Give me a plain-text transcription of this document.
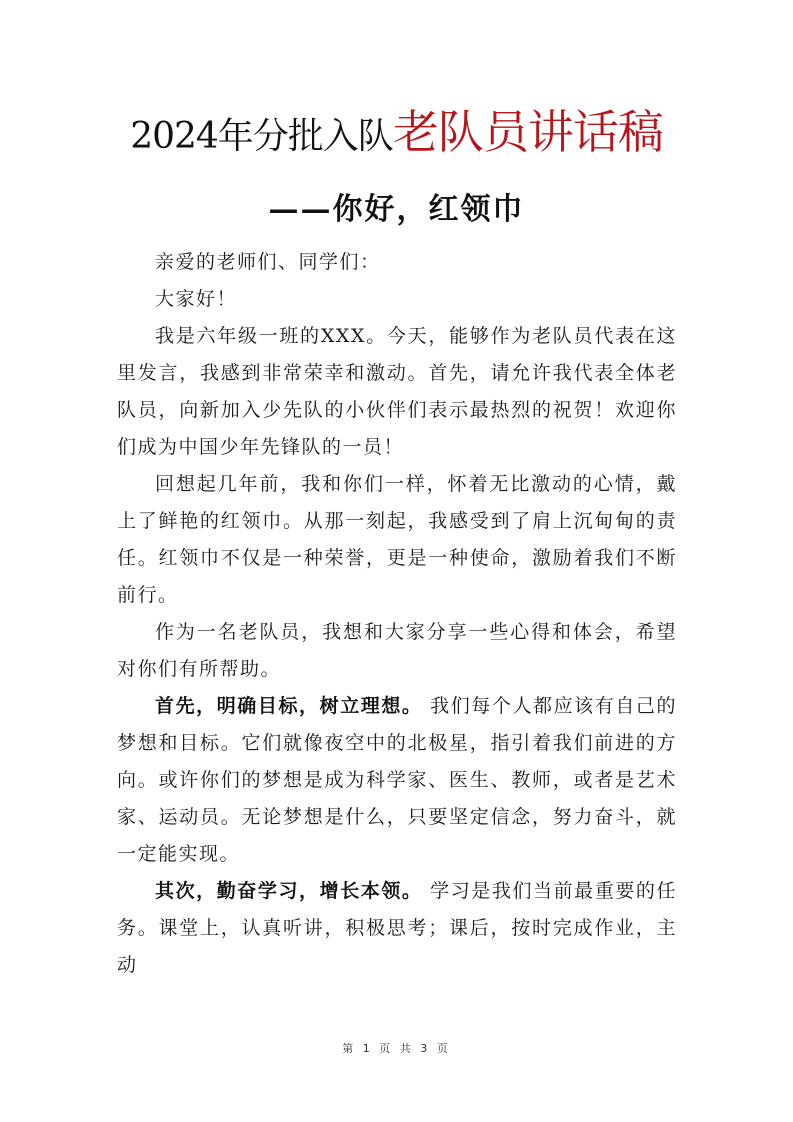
2024年分批入队老队员讲话稿
——你好，红领巾

亲爱的老师们、同学们：

大家好！

我是六年级一班的XXX。今天，能够作为老队员代表在这里发言，我感到非常荣幸和激动。首先，请允许我代表全体老队员，向新加入少先队的小伙伴们表示最热烈的祝贺！欢迎你们成为中国少年先锋队的一员！

回想起几年前，我和你们一样，怀着无比激动的心情，戴上了鲜艳的红领巾。从那一刻起，我感受到了肩上沉甸甸的责任。红领巾不仅是一种荣誉，更是一种使命，激励着我们不断前行。

作为一名老队员，我想和大家分享一些心得和体会，希望对你们有所帮助。

首先，明确目标，树立理想。 我们每个人都应该有自己的梦想和目标。它们就像夜空中的北极星，指引着我们前进的方向。或许你们的梦想是成为科学家、医生、教师，或者是艺术家、运动员。无论梦想是什么，只要坚定信念，努力奋斗，就一定能实现。

其次，勤奋学习，增长本领。 学习是我们当前最重要的任务。课堂上，认真听讲，积极思考；课后，按时完成作业，主动

第 1 页 共 3 页
